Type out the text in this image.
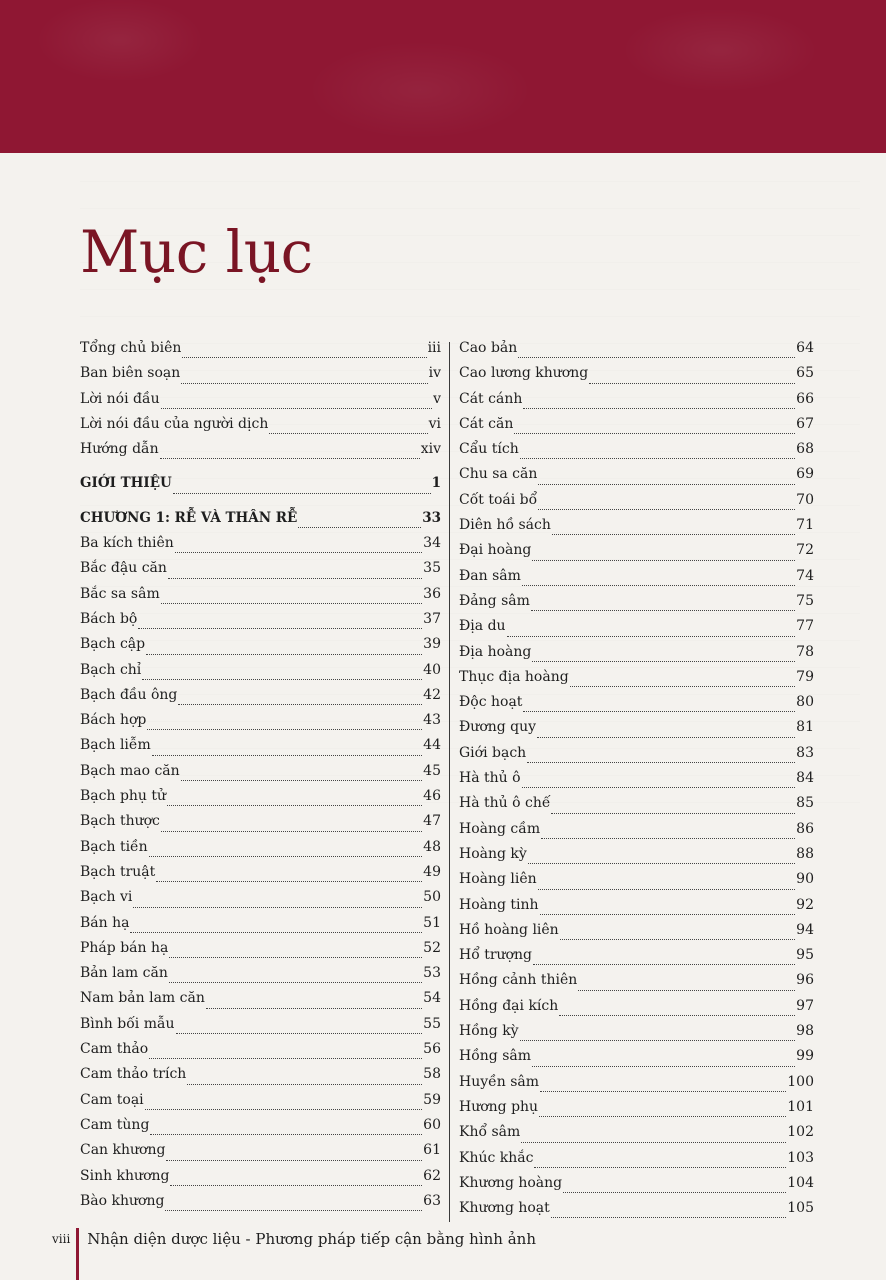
Mục lục
Tổng chủ biên	iii
Ban biên soạn	iv
Lời nói đầu	v
Lời nói đầu của người dịch	vi
Hướng dẫn	xiv
GIỚI THIỆU	1
CHƯƠNG 1: RỄ VÀ THÂN RỄ	33
Ba kích thiên	34
Bắc đậu căn	35
Bắc sa sâm	36
Bách bộ	37
Bạch cập	39
Bạch chỉ	40
Bạch đầu ông	42
Bách hợp	43
Bạch liễm	44
Bạch mao căn	45
Bạch phụ tử	46
Bạch thược	47
Bạch tiền	48
Bạch truật	49
Bạch vi	50
Bán hạ	51
Pháp bán hạ	52
Bản lam căn	53
Nam bản lam căn	54
Bình bối mẫu	55
Cam thảo	56
Cam thảo trích	58
Cam toại	59
Cam tùng	60
Can khương	61
Sinh khương	62
Bào khương	63
Cao bản	64
Cao lương khương	65
Cát cánh	66
Cát căn	67
Cẩu tích	68
Chu sa căn	69
Cốt toái bổ	70
Diên hồ sách	71
Đại hoàng	72
Đan sâm	74
Đảng sâm	75
Địa du	77
Địa hoàng	78
Thục địa hoàng	79
Độc hoạt	80
Đương quy	81
Giới bạch	83
Hà thủ ô	84
Hà thủ ô chế	85
Hoàng cầm	86
Hoàng kỳ	88
Hoàng liên	90
Hoàng tinh	92
Hồ hoàng liên	94
Hổ trượng	95
Hồng cảnh thiên	96
Hồng đại kích	97
Hồng kỳ	98
Hồng sâm	99
Huyền sâm	100
Hương phụ	101
Khổ sâm	102
Khúc khắc	103
Khương hoàng	104
Khương hoạt	105
viii Nhận diện dược liệu - Phương pháp tiếp cận bằng hình ảnh
